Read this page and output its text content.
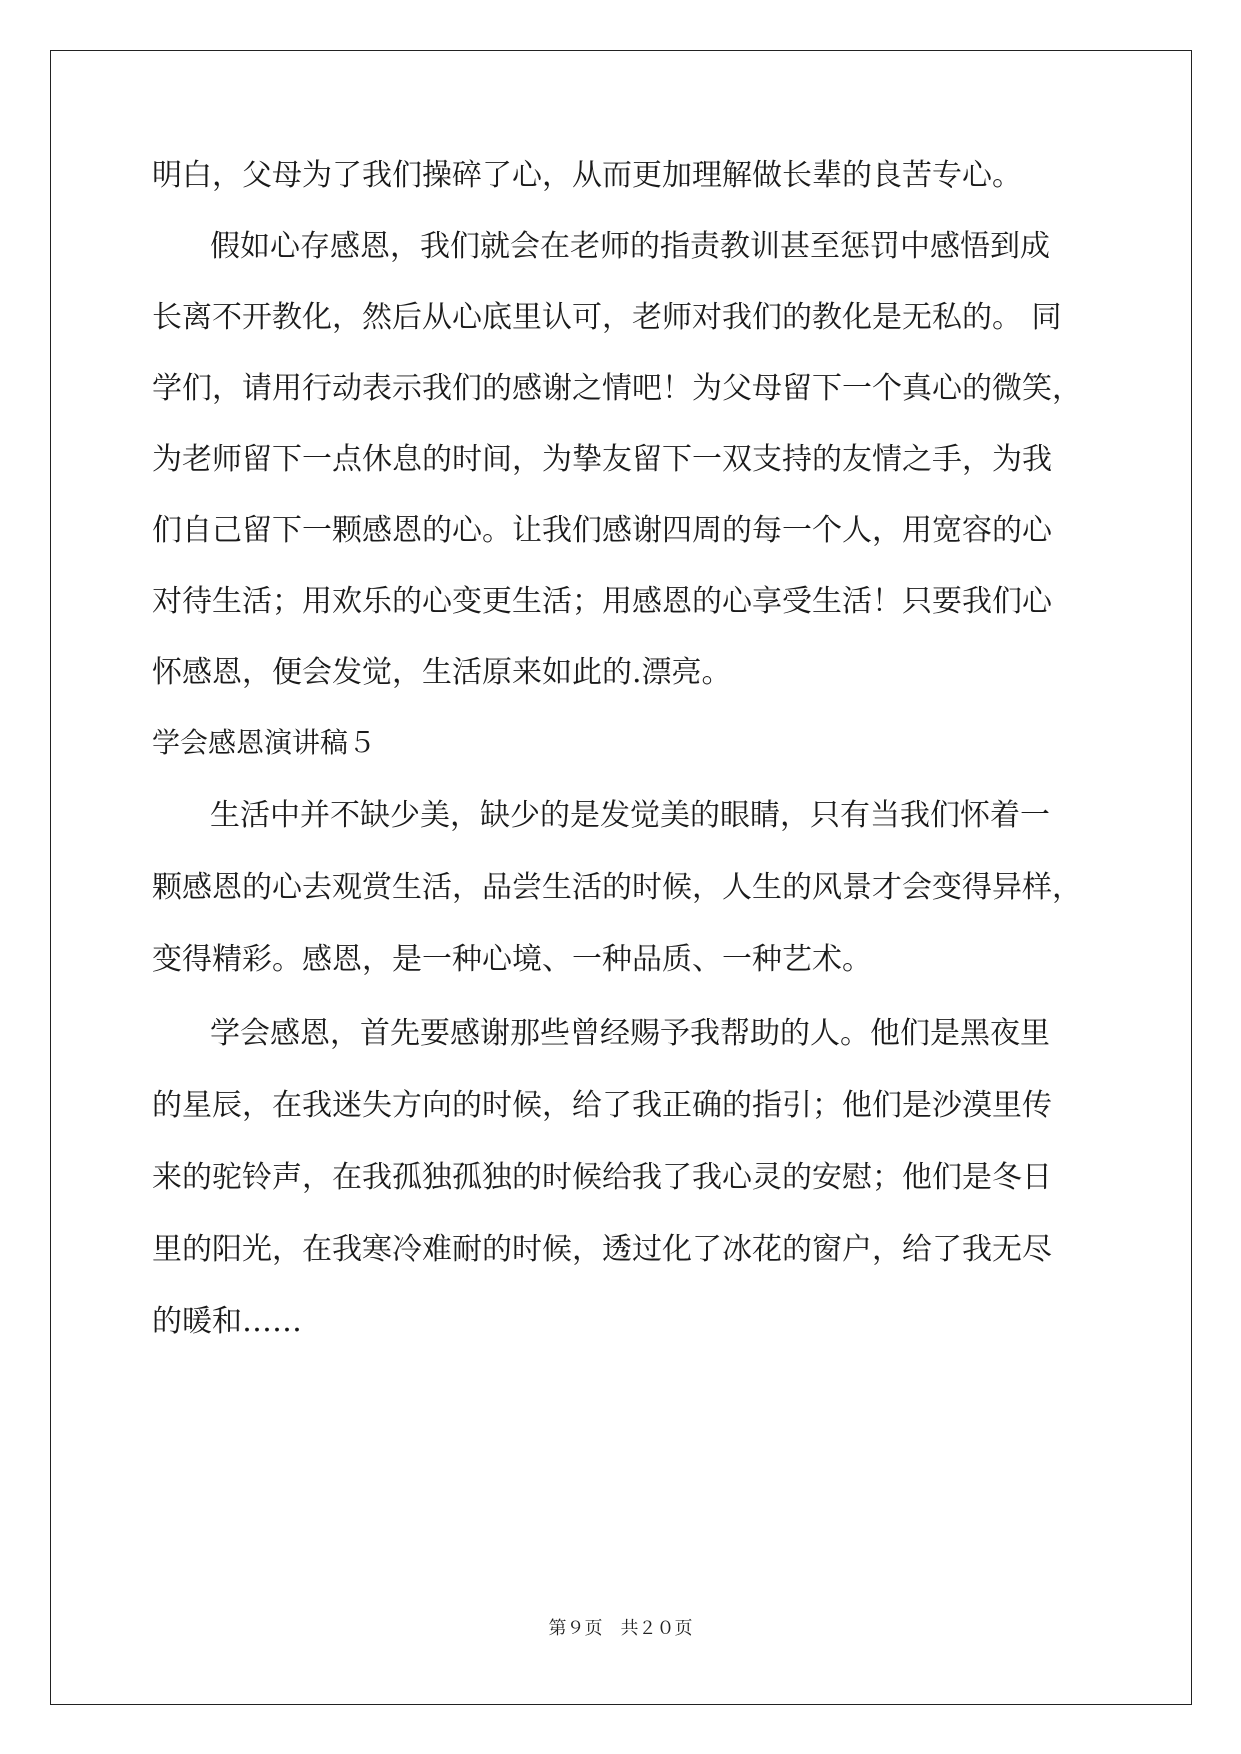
明白，父母为了我们操碎了心，从而更加理解做长辈的良苦专心。
假如心存感恩，我们就会在老师的指责教训甚至惩罚中感悟到成
长离不开教化，然后从心底里认可，老师对我们的教化是无私的。 同
学们，请用行动表示我们的感谢之情吧！为父母留下一个真心的微笑，
为老师留下一点休息的时间，为挚友留下一双支持的友情之手，为我
们自己留下一颗感恩的心。让我们感谢四周的每一个人，用宽容的心
对待生活；用欢乐的心变更生活；用感恩的心享受生活！只要我们心
怀感恩，便会发觉，生活原来如此的.漂亮。
学会感恩演讲稿５
生活中并不缺少美，缺少的是发觉美的眼睛，只有当我们怀着一
颗感恩的心去观赏生活，品尝生活的时候，人生的风景才会变得异样，
变得精彩。感恩，是一种心境、一种品质、一种艺术。
学会感恩，首先要感谢那些曾经赐予我帮助的人。他们是黑夜里
的星辰，在我迷失方向的时候，给了我正确的指引；他们是沙漠里传
来的驼铃声，在我孤独孤独的时候给我了我心灵的安慰；他们是冬日
里的阳光，在我寒冷难耐的时候，透过化了冰花的窗户，给了我无尽
的暖和……
第９页　共２０页
